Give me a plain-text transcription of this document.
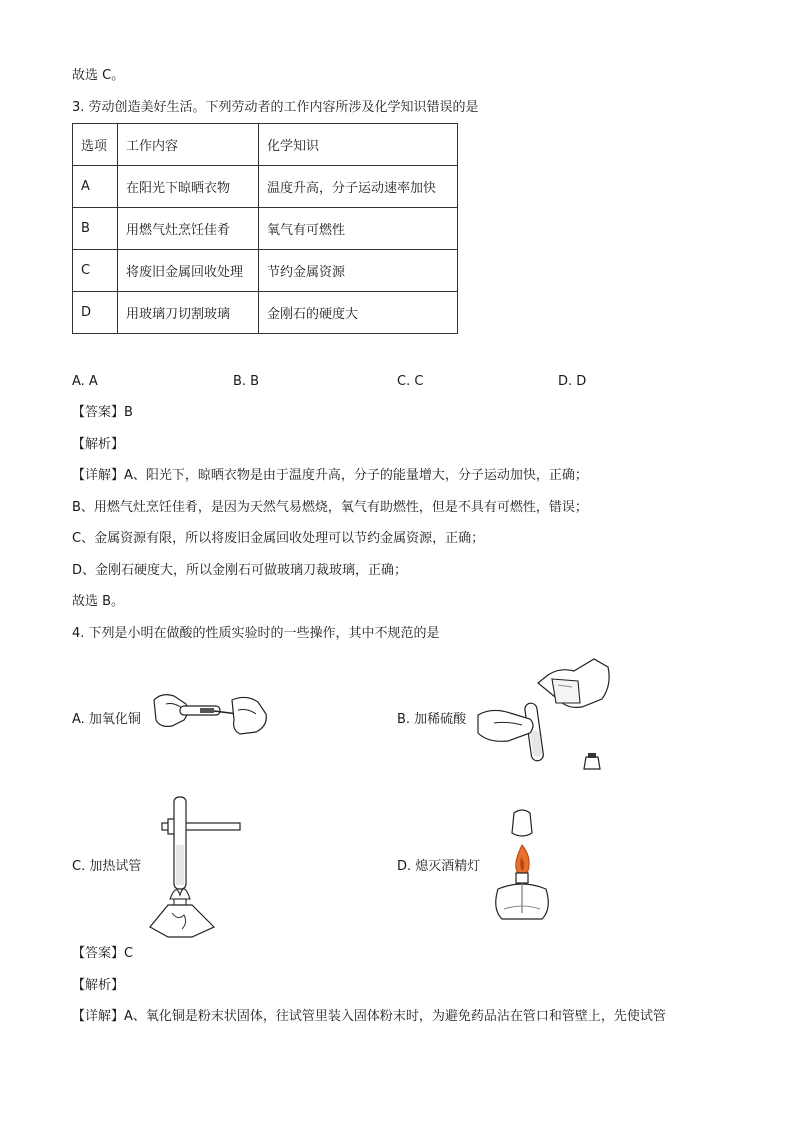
故选 C。
3. 劳动创造美好生活。下列劳动者的工作内容所涉及化学知识错误的是
选项	工作内容	化学知识
A	在阳光下晾晒衣物	温度升高，分子运动速率加快
B	用燃气灶烹饪佳肴	氧气有可燃性
C	将废旧金属回收处理	节约金属资源
D	用玻璃刀切割玻璃	金刚石的硬度大
A. A	B. B	C. C	D. D
【答案】B
【解析】
【详解】A、阳光下，晾晒衣物是由于温度升高，分子的能量增大，分子运动加快，正确；
B、用燃气灶烹饪佳肴，是因为天然气易燃烧，氧气有助燃性，但是不具有可燃性，错误；
C、金属资源有限，所以将废旧金属回收处理可以节约金属资源，正确；
D、金刚石硬度大，所以金刚石可做玻璃刀裁玻璃，正确；
故选 B。
4. 下列是小明在做酸的性质实验时的一些操作，其中不规范的是
A. 加氧化铜	B. 加稀硫酸
C. 加热试管	D. 熄灭酒精灯
【答案】C
【解析】
【详解】A、氧化铜是粉末状固体，往试管里装入固体粉末时，为避免药品沾在管口和管壁上，先使试管
